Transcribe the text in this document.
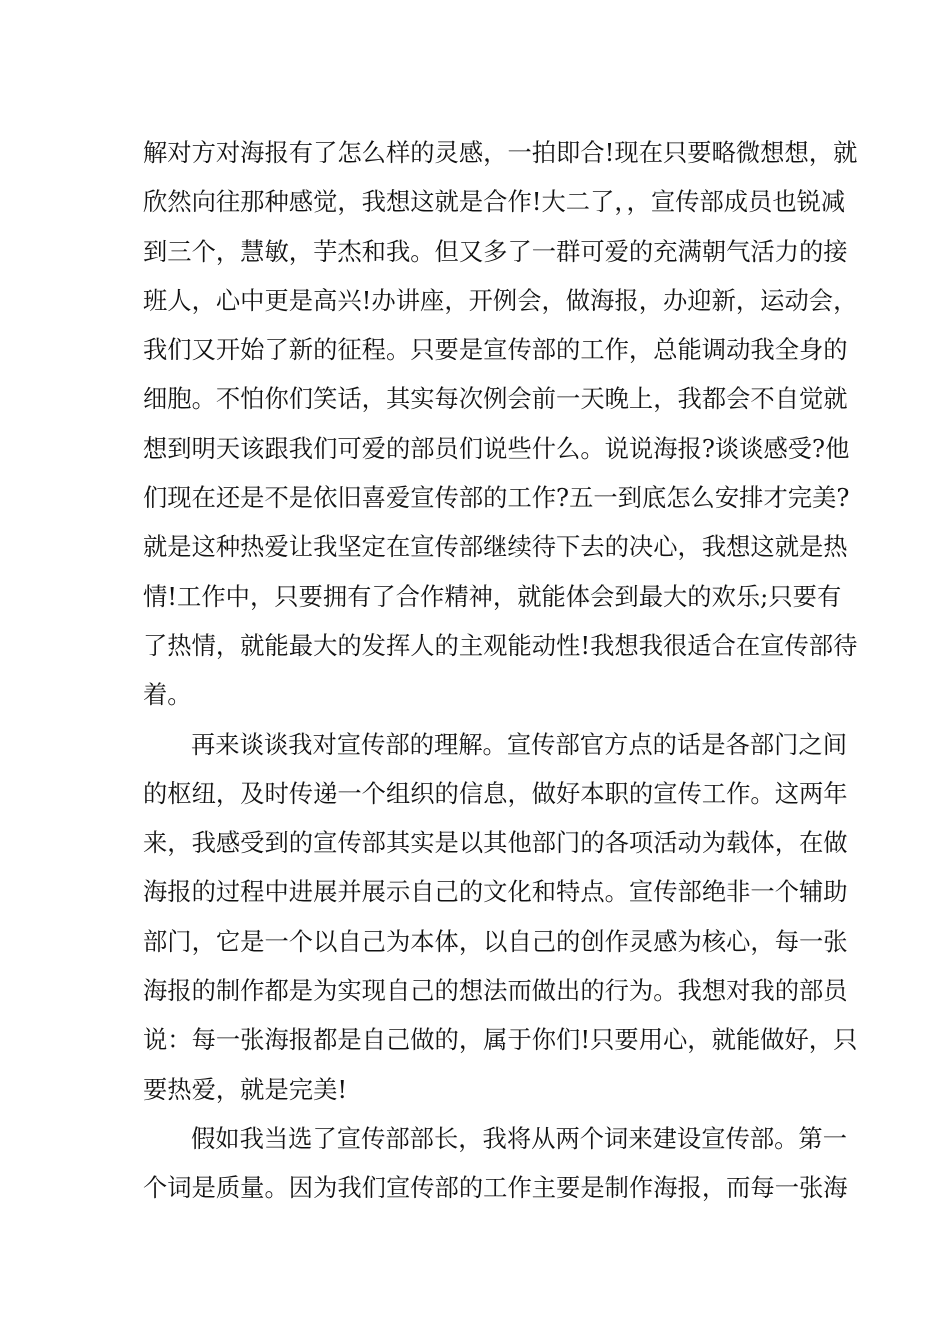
解对方对海报有了怎么样的灵感，一拍即合!现在只要略微想想，就
欣然向往那种感觉，我想这就是合作!大二了，，宣传部成员也锐减
到三个，慧敏，芋杰和我。但又多了一群可爱的充满朝气活力的接
班人，心中更是高兴!办讲座，开例会，做海报，办迎新，运动会，
我们又开始了新的征程。只要是宣传部的工作，总能调动我全身的
细胞。不怕你们笑话，其实每次例会前一天晚上，我都会不自觉就
想到明天该跟我们可爱的部员们说些什么。说说海报?谈谈感受?他
们现在还是不是依旧喜爱宣传部的工作?五一到底怎么安排才完美?
就是这种热爱让我坚定在宣传部继续待下去的决心，我想这就是热
情!工作中，只要拥有了合作精神，就能体会到最大的欢乐;只要有
了热情，就能最大的发挥人的主观能动性!我想我很适合在宣传部待
着。
再来谈谈我对宣传部的理解。宣传部官方点的话是各部门之间
的枢纽，及时传递一个组织的信息，做好本职的宣传工作。这两年
来，我感受到的宣传部其实是以其他部门的各项活动为载体，在做
海报的过程中进展并展示自己的文化和特点。宣传部绝非一个辅助
部门，它是一个以自己为本体，以自己的创作灵感为核心，每一张
海报的制作都是为实现自己的想法而做出的行为。我想对我的部员
说：每一张海报都是自己做的，属于你们!只要用心，就能做好，只
要热爱，就是完美!
假如我当选了宣传部部长，我将从两个词来建设宣传部。第一
个词是质量。因为我们宣传部的工作主要是制作海报，而每一张海
